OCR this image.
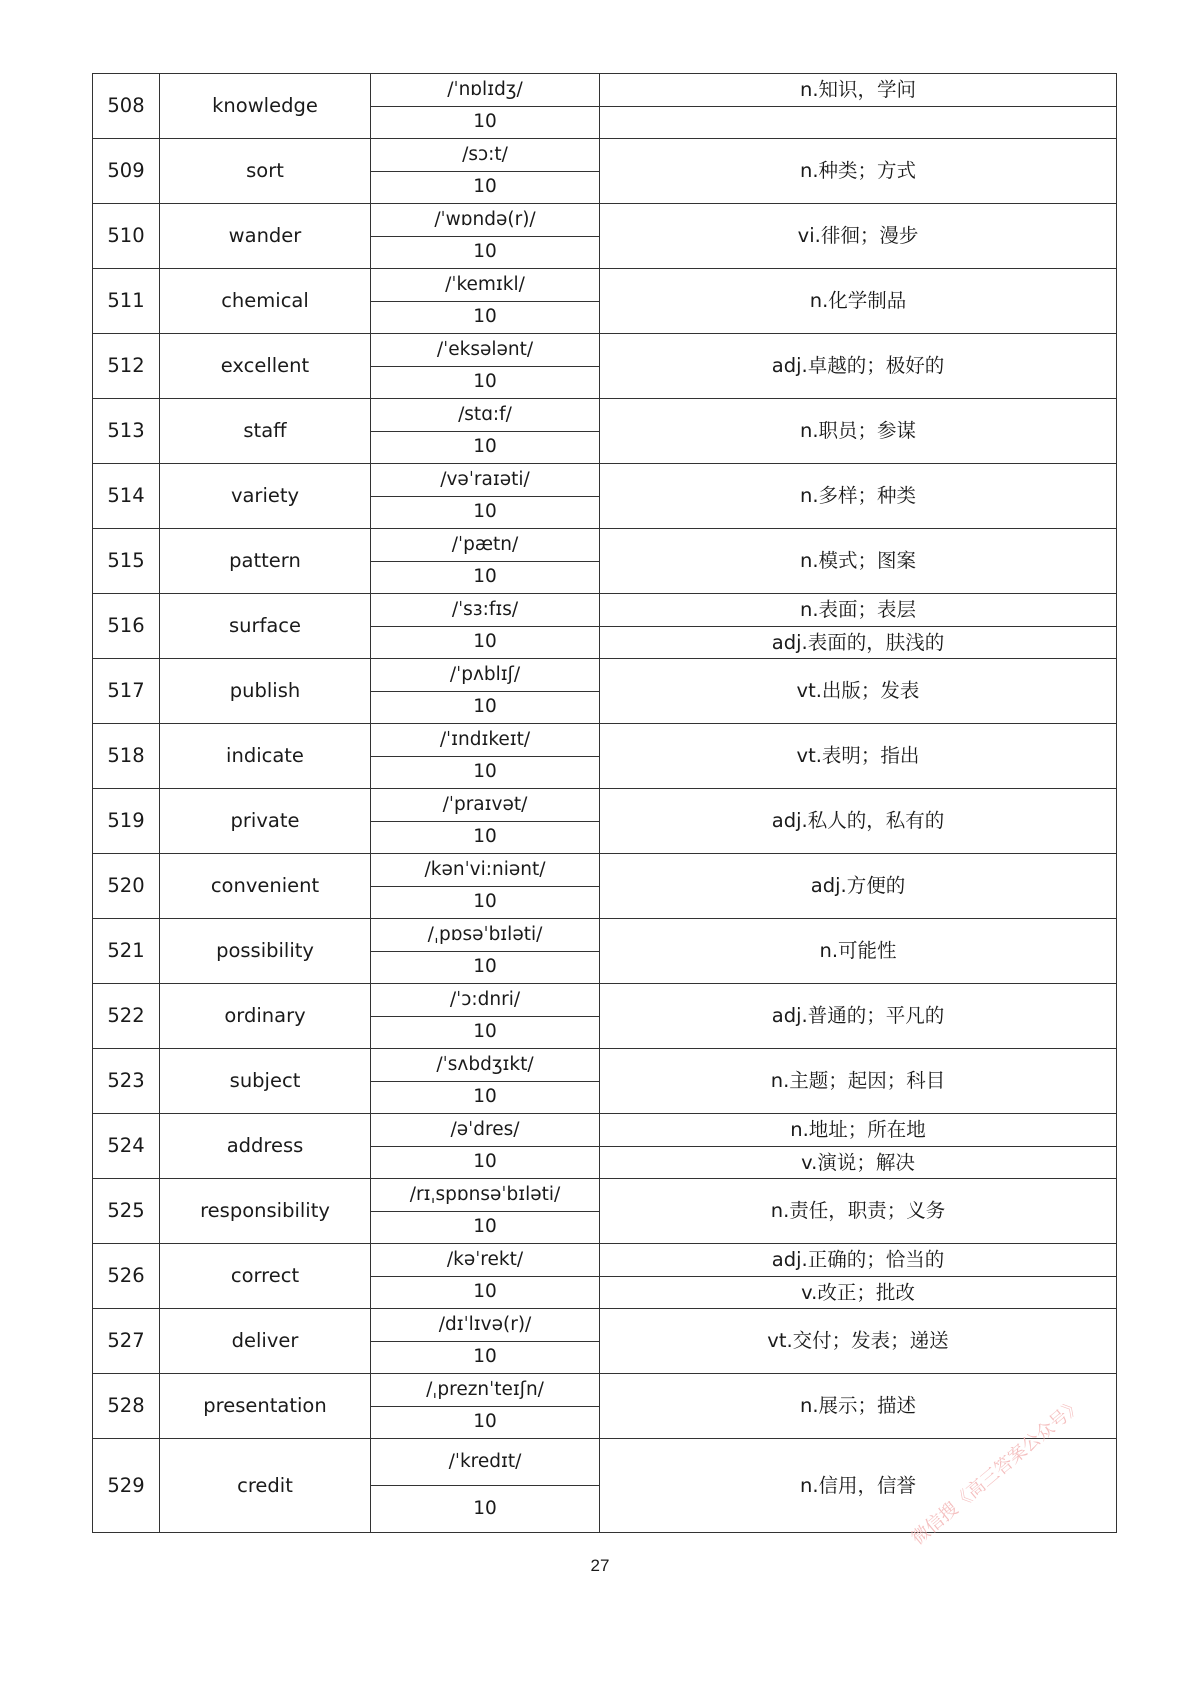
508	knowledge	/ˈnɒlɪdʒ/	n.知识，学问
		10	
509	sort	/sɔ:t/	n.种类；方式
		10	
510	wander	/ˈwɒndə(r)/	vi.徘徊；漫步
		10	
511	chemical	/ˈkemɪkl/	n.化学制品
		10	
512	excellent	/ˈeksələnt/	adj.卓越的；极好的
		10	
513	staff	/stɑ:f/	n.职员；参谋
		10	
514	variety	/vəˈraɪəti/	n.多样；种类
		10	
515	pattern	/ˈpætn/	n.模式；图案
		10	
516	surface	/ˈsɜ:fɪs/	n.表面；表层
		10	adj.表面的，肤浅的
517	publish	/ˈpʌblɪʃ/	vt.出版；发表
		10	
518	indicate	/ˈɪndɪkeɪt/	vt.表明；指出
		10	
519	private	/ˈpraɪvət/	adj.私人的，私有的
		10	
520	convenient	/kənˈvi:niənt/	adj.方便的
		10	
521	possibility	/ˌpɒsəˈbɪləti/	n.可能性
		10	
522	ordinary	/ˈɔ:dnri/	adj.普通的；平凡的
		10	
523	subject	/ˈsʌbdʒɪkt/	n.主题；起因；科目
		10	
524	address	/əˈdres/	n.地址；所在地
		10	v.演说；解决
525	responsibility	/rɪˌspɒnsəˈbɪləti/	n.责任，职责；义务
		10	
526	correct	/kəˈrekt/	adj.正确的；恰当的
		10	v.改正；批改
527	deliver	/dɪˈlɪvə(r)/	vt.交付；发表；递送
		10	
528	presentation	/ˌpreznˈteɪʃn/	n.展示；描述
		10	
529	credit	/ˈkredɪt/	n.信用，信誉
		10	
27
微信搜《高三答案公众号》
